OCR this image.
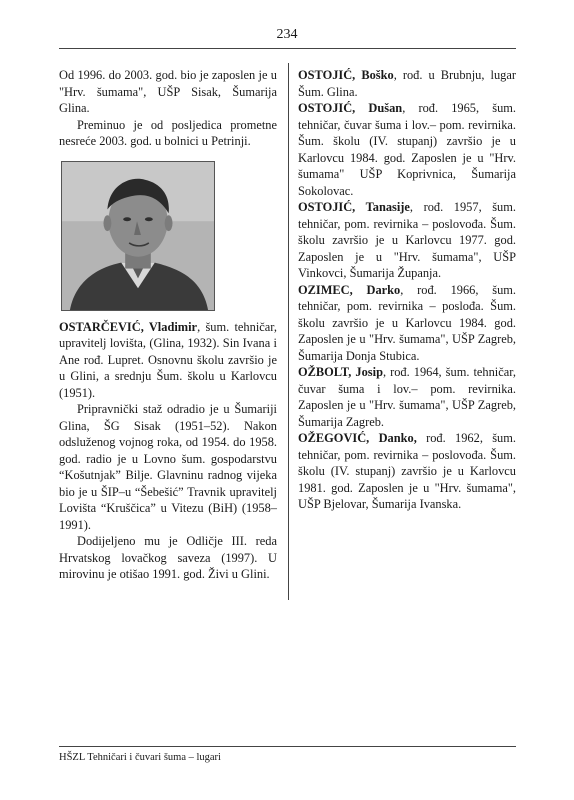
234

Od 1996. do 2003. god. bio je zaposlen je u "Hrv. šumama", UŠP Sisak, Šumarija Glina.

Preminuo je od posljedica prometne nesreće 2003. god. u bolnici u Petrinji.

OSTARČEVIĆ, Vladimir, šum. tehničar, upravitelj lovišta, (Glina, 1932). Sin Ivana i Ane rođ. Lupret. Osnovnu školu završio je u Glini, a srednju Šum. školu u Karlovcu (1951).

Pripravnički staž odradio je u Šumariji Glina, ŠG Sisak (1951–52). Nakon odsluženog vojnog roka, od 1954. do 1958. god. radio je u Lovno šum. gospodarstvu “Košutnjak” Bilje. Glavninu radnog vijeka bio je u ŠIP–u “Šebešić” Travnik upravitelj Lovišta “Kruščica” u Vitezu (BiH) (1958–1991).

Dodijeljeno mu je Odličje III. reda Hrvatskog lovačkog saveza (1997). U mirovinu je otišao 1991. god. Živi u Glini.

OSTOJIĆ, Boško, rođ. u Brubnju, lugar Šum. Glina.

OSTOJIĆ, Dušan, rođ. 1965, šum. tehničar, čuvar šuma i lov.– pom. revirnika. Šum. školu (IV. stupanj) završio je u Karlovcu 1984. god. Zaposlen je u "Hrv. šumama" UŠP Koprivnica, Šumarija Sokolovac.

OSTOJIĆ, Tanasije, rođ. 1957, šum. tehničar, pom. revirnika – poslovođa. Šum. školu završio je u Karlovcu 1977. god. Zaposlen je u "Hrv. šumama", UŠP Vinkovci, Šumarija Županja.

OZIMEC, Darko, rođ. 1966, šum. tehničar, pom. revirnika – poslođa. Šum. školu završio je u Karlovcu 1984. god. Zaposlen je u "Hrv. šumama", UŠP Zagreb, Šumarija Donja Stubica.

OŽBOLT, Josip, rođ. 1964, šum. tehničar, čuvar šuma i lov.– pom. revirnika. Zaposlen je u "Hrv. šumama", UŠP Zagreb, Šumarija Zagreb.

OŽEGOVIĆ, Danko, rođ. 1962, šum. tehničar, pom. revirnika – poslovođa. Šum. školu (IV. stupanj) završio je u Karlovcu 1981. god. Zaposlen je u "Hrv. šumama", UŠP Bjelovar, Šumarija Ivanska.

HŠZL Tehničari i čuvari šuma – lugari
